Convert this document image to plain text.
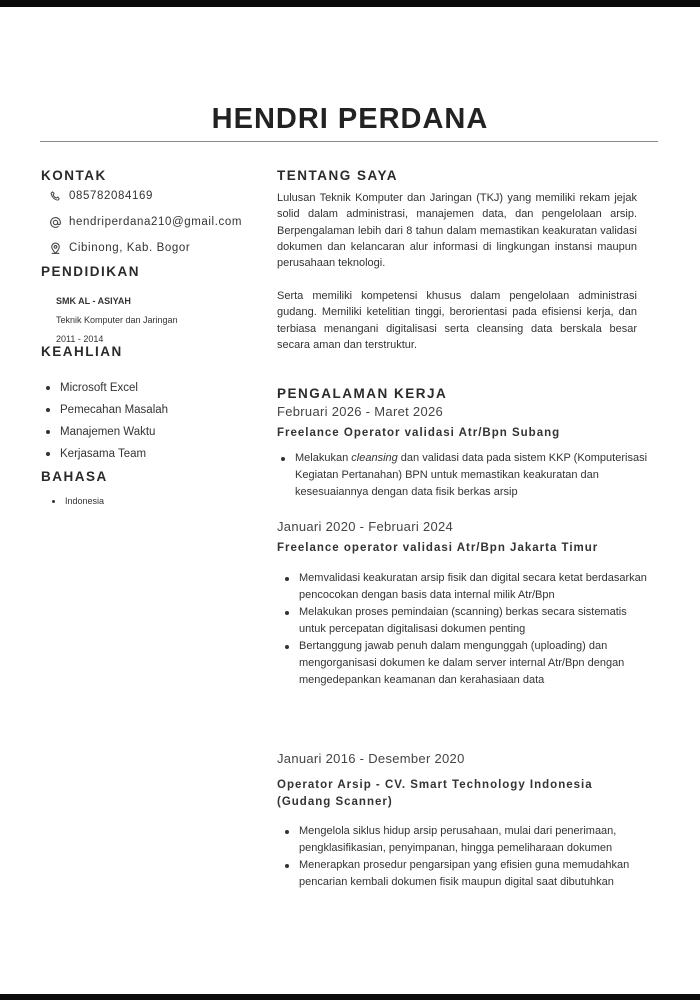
HENDRI PERDANA
KONTAK
085782084169
hendriperdana210@gmail.com
Cibinong, Kab. Bogor
PENDIDIKAN
SMK AL - ASIYAH
Teknik Komputer dan Jaringan
2011 - 2014
KEAHLIAN
Microsoft Excel
Pemecahan Masalah
Manajemen Waktu
Kerjasama Team
BAHASA
Indonesia
TENTANG SAYA
Lulusan Teknik Komputer dan Jaringan (TKJ) yang memiliki rekam jejak solid dalam administrasi, manajemen data, dan pengelolaan arsip. Berpengalaman lebih dari 8 tahun dalam memastikan keakuratan validasi dokumen dan kelancaran alur informasi di lingkungan instansi maupun perusahaan teknologi.
Serta memiliki kompetensi khusus dalam pengelolaan administrasi gudang. Memiliki ketelitian tinggi, berorientasi pada efisiensi kerja, dan terbiasa menangani digitalisasi serta cleansing data berskala besar secara aman dan terstruktur.
PENGALAMAN KERJA
Februari 2026 - Maret 2026
Freelance Operator validasi Atr/Bpn Subang
Melakukan cleansing dan validasi data pada sistem KKP (Komputerisasi Kegiatan Pertanahan) BPN untuk memastikan keakuratan dan kesesuaiannya dengan data fisik berkas arsip
Januari 2020 - Februari 2024
Freelance operator validasi Atr/Bpn Jakarta Timur
Memvalidasi keakuratan arsip fisik dan digital secara ketat berdasarkan pencocokan dengan basis data internal milik Atr/Bpn
Melakukan proses pemindaian (scanning) berkas secara sistematis untuk percepatan digitalisasi dokumen penting
Bertanggung jawab penuh dalam mengunggah (uploading) dan mengorganisasi dokumen ke dalam server internal Atr/Bpn dengan mengedepankan keamanan dan kerahasiaan data
Januari 2016 - Desember 2020
Operator Arsip - CV. Smart Technology Indonesia (Gudang Scanner)
Mengelola siklus hidup arsip perusahaan, mulai dari penerimaan, pengklasifikasian, penyimpanan, hingga pemeliharaan dokumen
Menerapkan prosedur pengarsipan yang efisien guna memudahkan pencarian kembali dokumen fisik maupun digital saat dibutuhkan
